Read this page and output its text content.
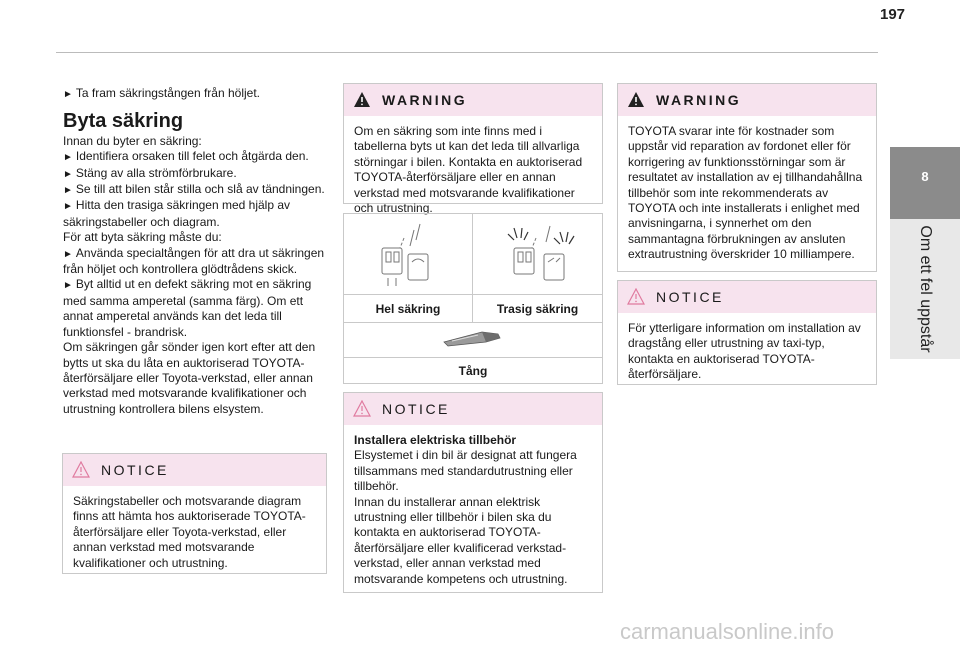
197
8
Om ett fel uppstår
► Ta fram säkringstången från höljet.
Byta säkring
Innan du byter en säkring:
► Identifiera orsaken till felet och åtgärda den.
► Stäng av alla strömförbrukare.
► Se till att bilen står stilla och slå av tändningen.
► Hitta den trasiga säkringen med hjälp av säkringstabeller och diagram.
För att byta säkring måste du:
► Använda specialtången för att dra ut säkringen från höljet och kontrollera glödtrådens skick.
► Byt alltid ut en defekt säkring mot en säkring med samma amperetal (samma färg). Om ett annat amperetal används kan det leda till funktionsfel - brandrisk.
Om säkringen går sönder igen kort efter att den bytts ut ska du låta en auktoriserad TOYOTA-återförsäljare eller Toyota-verkstad, eller annan verkstad med motsvarande kvalifikationer och utrustning kontrollera bilens elsystem.
NOTICE
Säkringstabeller och motsvarande diagram finns att hämta hos auktoriserade TOYOTA-återförsäljare eller Toyota-verkstad, eller annan verkstad med motsvarande kvalifikationer och utrustning.
WARNING
Om en säkring som inte finns med i tabellerna byts ut kan det leda till allvarliga störningar i bilen. Kontakta en auktoriserad TOYOTA-återförsäljare eller en annan verkstad med motsvarande kvalifikationer och utrustning.
Hel säkring	Trasig säkring
Tång
NOTICE
Installera elektriska tillbehör
Elsystemet i din bil är designat att fungera tillsammans med standardutrustning eller tillbehör.
Innan du installerar annan elektrisk utrustning eller tillbehör i bilen ska du kontakta en auktoriserad TOYOTA-återförsäljare eller kvalificerad verkstad-verkstad, eller annan verkstad med motsvarande kompetens och utrustning.
WARNING
TOYOTA svarar inte för kostnader som uppstår vid reparation av fordonet eller för korrigering av funktionsstörningar som är resultatet av installation av ej tillhandahållna tillbehör som inte rekommenderats av TOYOTA och inte installerats i enlighet med anvisningarna, i synnerhet om den sammantagna förbrukningen av ansluten extrautrustning överskrider 10 milliampere.
NOTICE
För ytterligare information om installation av dragstång eller utrustning av taxi-typ, kontakta en auktoriserad TOYOTA-återförsäljare.
carmanualsonline.info
